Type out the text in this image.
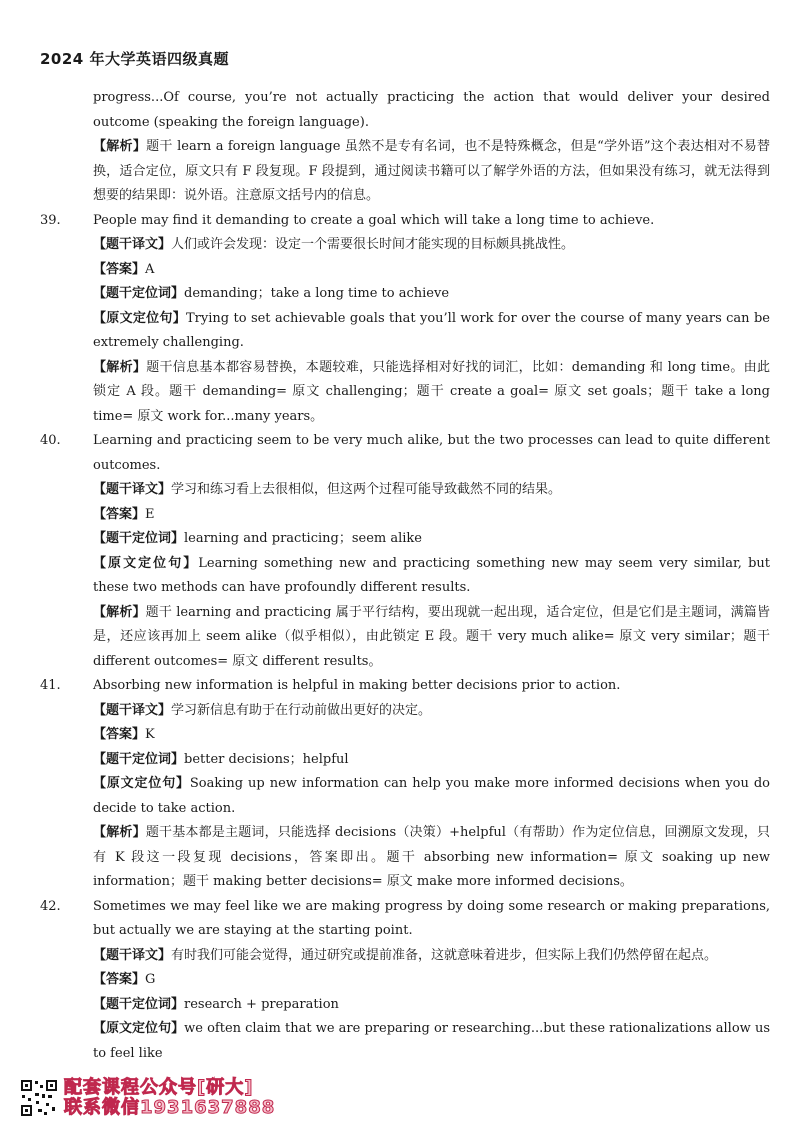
2024 年大学英语四级真题

progress...Of course, you’re not actually practicing the action that would deliver your desired outcome (speaking the foreign language).

【解析】题干 learn a foreign language 虽然不是专有名词，也不是特殊概念，但是“学外语”这个表达相对不易替换，适合定位，原文只有 F 段复现。F 段提到，通过阅读书籍可以了解学外语的方法，但如果没有练习，就无法得到想要的结果即：说外语。注意原文括号内的信息。
39.	People may find it demanding to create a goal which will take a long time to achieve.
【题干译文】人们或许会发现：设定一个需要很长时间才能实现的目标颇具挑战性。
【答案】A
【题干定位词】demanding；take a long time to achieve
【原文定位句】Trying to set achievable goals that you’ll work for over the course of many years can be extremely challenging.
【解析】题干信息基本都容易替换，本题较难，只能选择相对好找的词汇，比如：demanding 和 long time。由此锁定 A 段。题干 demanding= 原文 challenging；题干 create a goal= 原文 set goals；题干 take a long time= 原文 work for...many years。
40.	Learning and practicing seem to be very much alike, but the two processes can lead to quite different outcomes.
【题干译文】学习和练习看上去很相似，但这两个过程可能导致截然不同的结果。
【答案】E
【题干定位词】learning and practicing；seem alike
【原文定位句】Learning something new and practicing something new may seem very similar, but these two methods can have profoundly different results.
【解析】题干 learning and practicing 属于平行结构，要出现就一起出现，适合定位，但是它们是主题词，满篇皆是，还应该再加上 seem alike（似乎相似），由此锁定 E 段。题干 very much alike= 原文 very similar；题干 different outcomes= 原文 different results。
41.	Absorbing new information is helpful in making better decisions prior to action.
【题干译文】学习新信息有助于在行动前做出更好的决定。
【答案】K
【题干定位词】better decisions；helpful
【原文定位句】Soaking up new information can help you make more informed decisions when you do decide to take action.
【解析】题干基本都是主题词，只能选择 decisions（决策）+helpful（有帮助）作为定位信息，回溯原文发现，只有 K 段这一段复现 decisions，答案即出。题干 absorbing new information= 原文 soaking up new information；题干 making better decisions= 原文 make more informed decisions。
42.	Sometimes we may feel like we are making progress by doing some research or making preparations, but actually we are staying at the starting point.
【题干译文】有时我们可能会觉得，通过研究或提前准备，这就意味着进步，但实际上我们仍然停留在起点。
【答案】G
【题干定位词】research + preparation
【原文定位句】we often claim that we are preparing or researching...but these rationalizations allow us to feel like
配套课程公众号[研大]
联系微信1931637888
